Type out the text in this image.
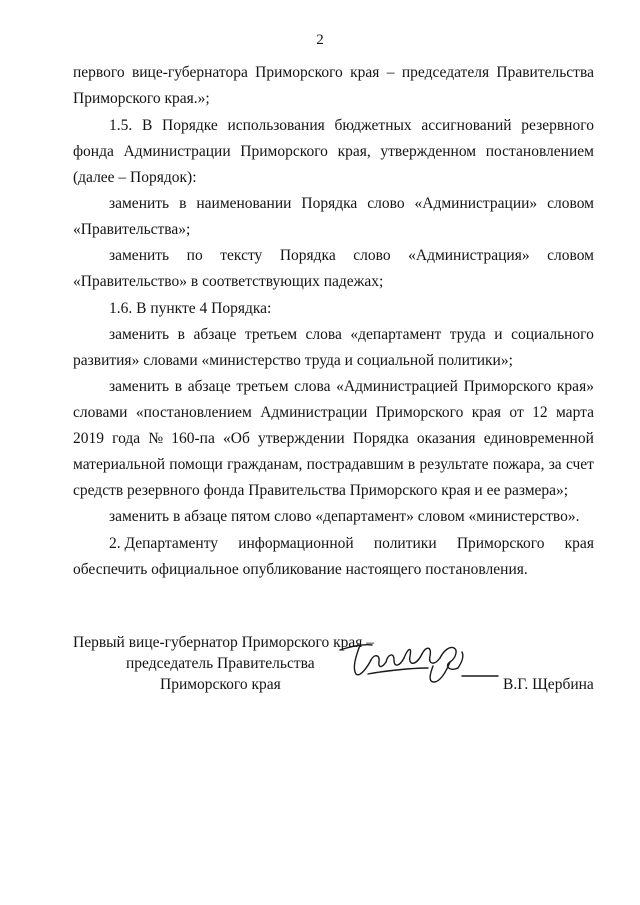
2
первого вице-губернатора Приморского края – председателя Правительства
Приморского края.»;
1.5. В Порядке использования бюджетных ассигнований резервного
фонда Администрации Приморского края, утвержденном постановлением
(далее – Порядок):
заменить в наименовании Порядка слово «Администрации» словом
«Правительства»;
заменить по тексту Порядка слово «Администрация» словом
«Правительство» в соответствующих падежах;
1.6. В пункте 4 Порядка:
заменить в абзаце третьем слова «департамент труда и социального
развития» словами «министерство труда и социальной политики»;
заменить в абзаце третьем слова «Администрацией Приморского края»
словами «постановлением Администрации Приморского края от 12 марта
2019 года № 160-па «Об утверждении Порядка оказания единовременной
материальной помощи гражданам, пострадавшим в результате пожара, за счет
средств резервного фонда Правительства Приморского края и ее размера»;
заменить в абзаце пятом слово «департамент» словом «министерство».
2. Департаменту информационной политики Приморского края
обеспечить официальное опубликование настоящего постановления.
Первый вице-губернатор Приморского края –
председатель Правительства
Приморского края	В.Г. Щербина
